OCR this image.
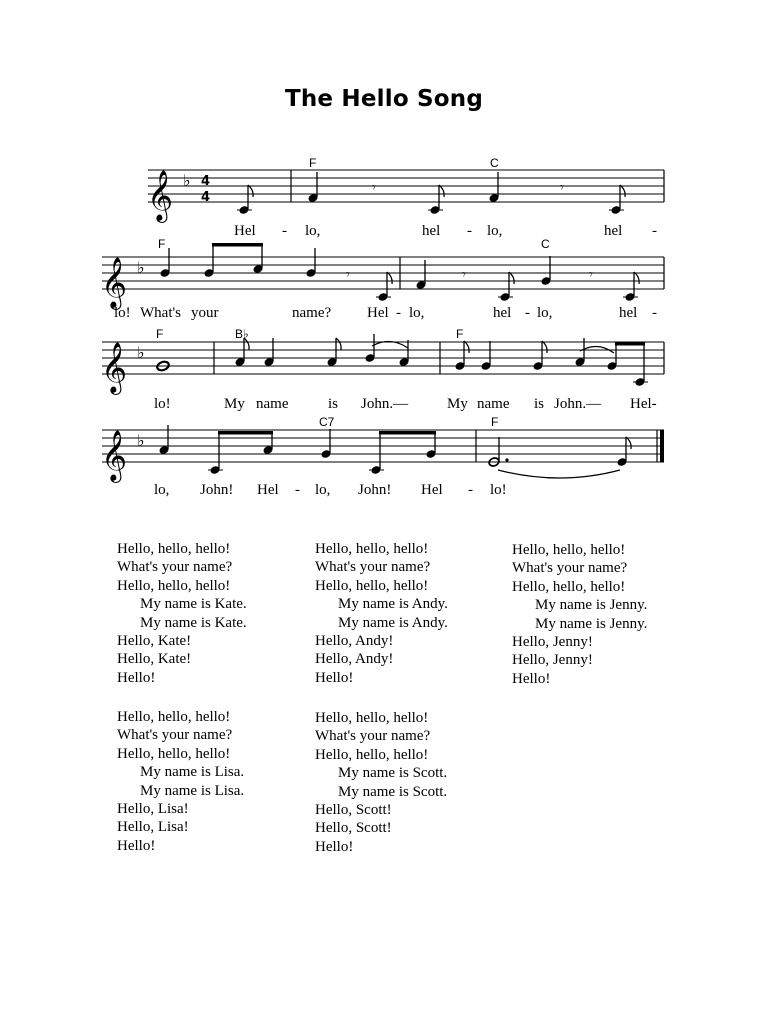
The Hello Song
𝄞 ♭ 4
4
𝄾	𝄾
F	C
Hel - lo,	hel - lo,	hel -
𝄞 ♭	𝄾	𝄾	𝄾
F	C
lo! What's your	name? Hel - lo,	hel - lo,	hel -
𝄞 ♭
F	B♭	F
lo!	My name	is John.—	My name is John.— Hel-
𝄞 ♭
C7	F
lo, John! Hel - lo, John! Hel - lo!
Hello, hello, hello!
What's your name?
Hello, hello, hello!
My name is Kate.
My name is Kate.
Hello, Kate!
Hello, Kate!
Hello!
Hello, hello, hello!
What's your name?
Hello, hello, hello!
My name is Andy.
My name is Andy.
Hello, Andy!
Hello, Andy!
Hello!
Hello, hello, hello!
What's your name?
Hello, hello, hello!
My name is Jenny.
My name is Jenny.
Hello, Jenny!
Hello, Jenny!
Hello!
Hello, hello, hello!
What's your name?
Hello, hello, hello!
My name is Lisa.
My name is Lisa.
Hello, Lisa!
Hello, Lisa!
Hello!
Hello, hello, hello!
What's your name?
Hello, hello, hello!
My name is Scott.
My name is Scott.
Hello, Scott!
Hello, Scott!
Hello!
